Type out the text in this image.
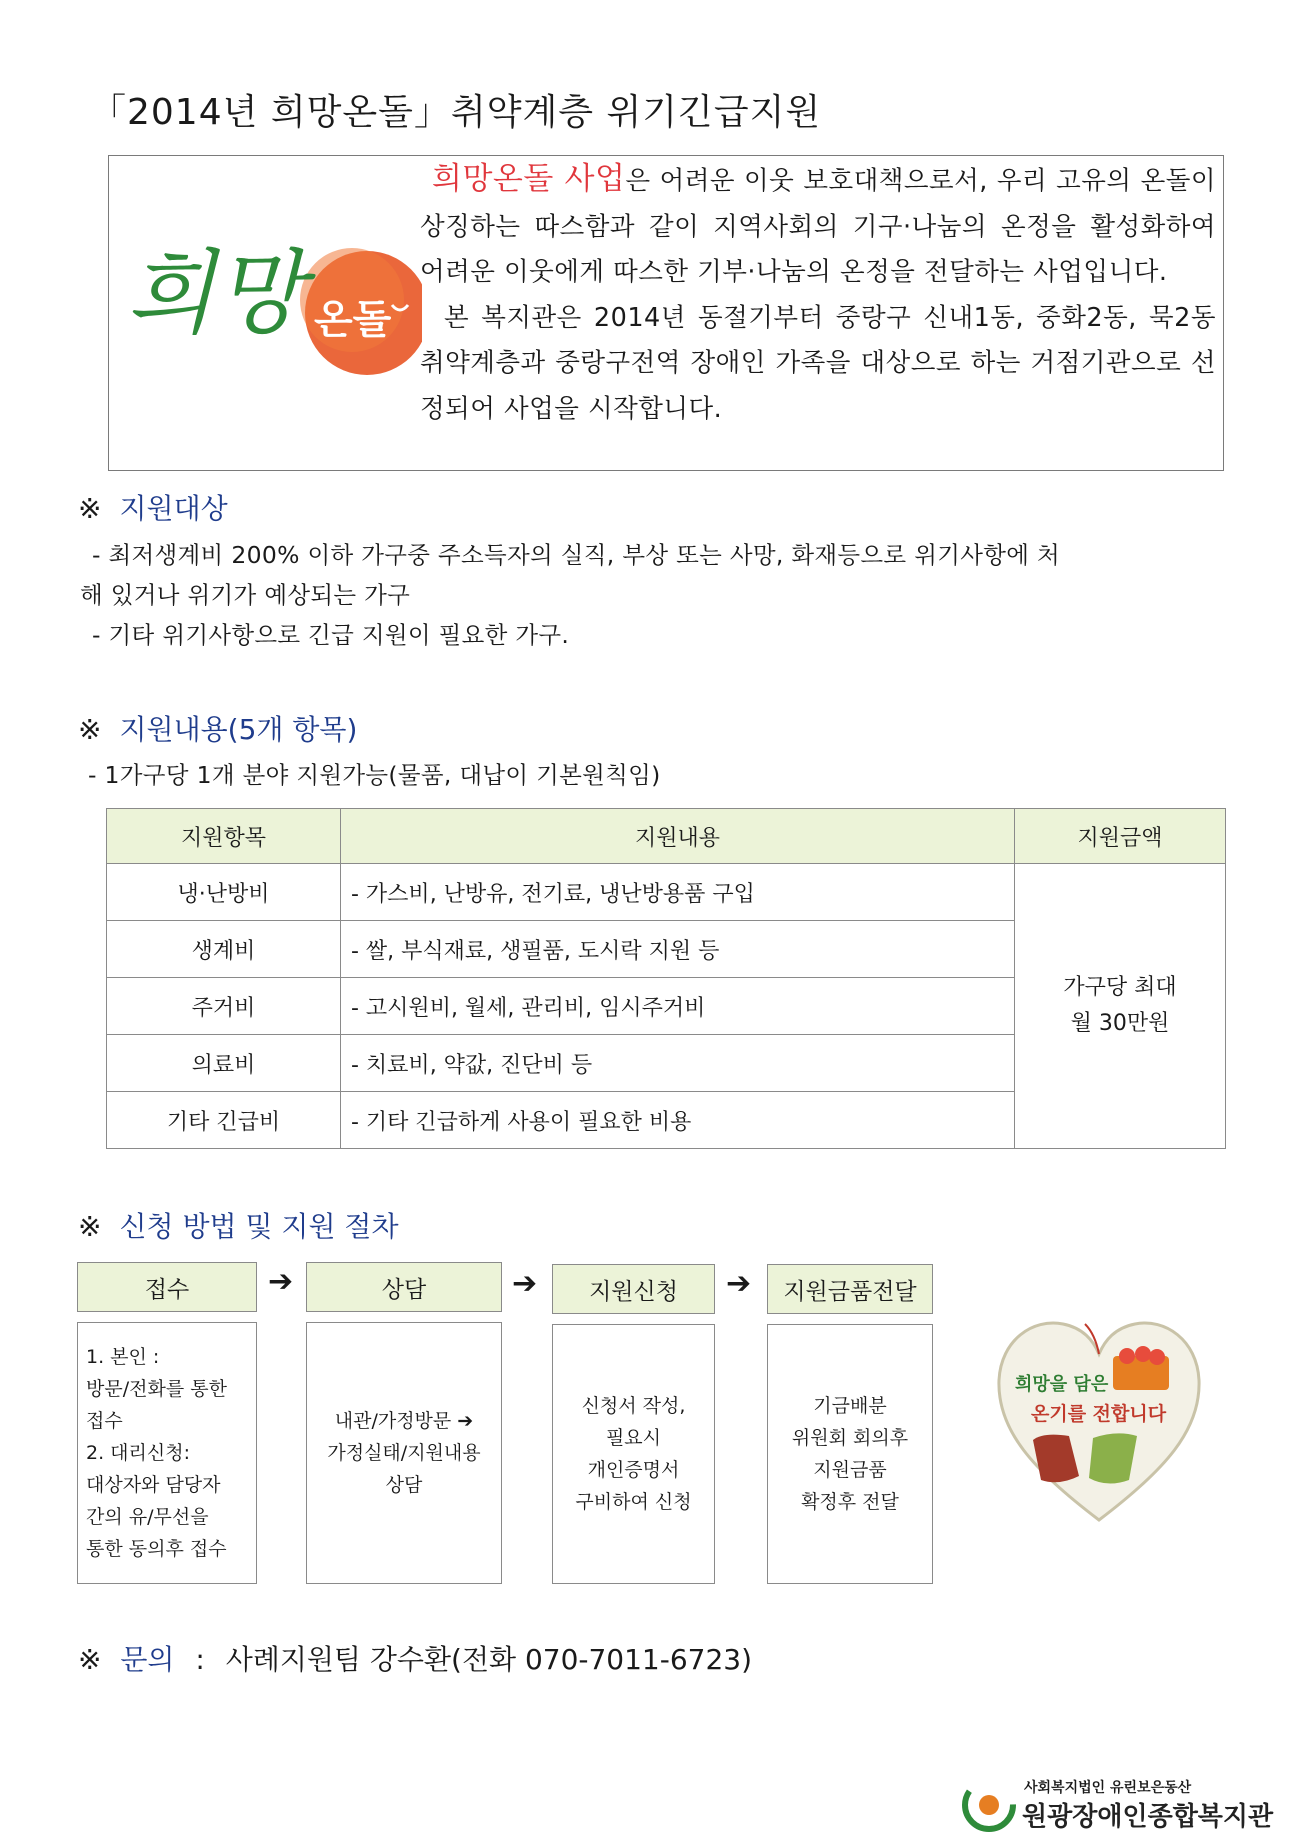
「2014년 희망온돌」취약계층 위기긴급지원
희망 온돌

희망온돌 사업은 어려운 이웃 보호대책으로서, 우리 고유의 온돌이 상징하는 따스함과 같이 지역사회의 기구·나눔의 온정을 활성화하여 어려운 이웃에게 따스한 기부·나눔의 온정을 전달하는 사업입니다.

본 복지관은 2014년 동절기부터 중랑구 신내1동, 중화2동, 묵2동 취약계층과 중랑구전역 장애인 가족을 대상으로 하는 거점기관으로 선정되어 사업을 시작합니다.

※ 지원대상
- 최저생계비 200% 이하 가구중 주소득자의 실직, 부상 또는 사망, 화재등으로 위기사항에 처
해 있거나 위기가 예상되는 가구
- 기타 위기사항으로 긴급 지원이 필요한 가구.
※ 지원내용(5개 항목)
- 1가구당 1개 분야 지원가능(물품, 대납이 기본원칙임)
지원항목	지원내용	지원금액
냉·난방비	- 가스비, 난방유, 전기료, 냉난방용품 구입	가구당 최대
월 30만원

생계비	- 쌀, 부식재료, 생필품, 도시락 지원 등	
주거비	- 고시원비, 월세, 관리비, 임시주거비	
의료비	- 치료비, 약값, 진단비 등	
기타 긴급비	- 기타 긴급하게 사용이 필요한 비용	
※ 신청 방법 및 지원 절차
접수
1. 본인 :
방문/전화를 통한
접수
2. 대리신청:
대상자와 담당자
간의 유/무선을
통한 동의후 접수
➔	상담
내관/가정방문 ➔
가정실태/지원내용
상담
➔	지원신청
신청서 작성,
필요시
개인증명서
구비하여 신청
➔	지원금품전달
기금배분
위원회 회의후
지원금품
확정후 전달
희망을 담은
온기를 전합니다
※ 문의 : 사례지원팀 강수환(전화 070-7011-6723)
사회복지법인 유린보은동산
원광장애인종합복지관
